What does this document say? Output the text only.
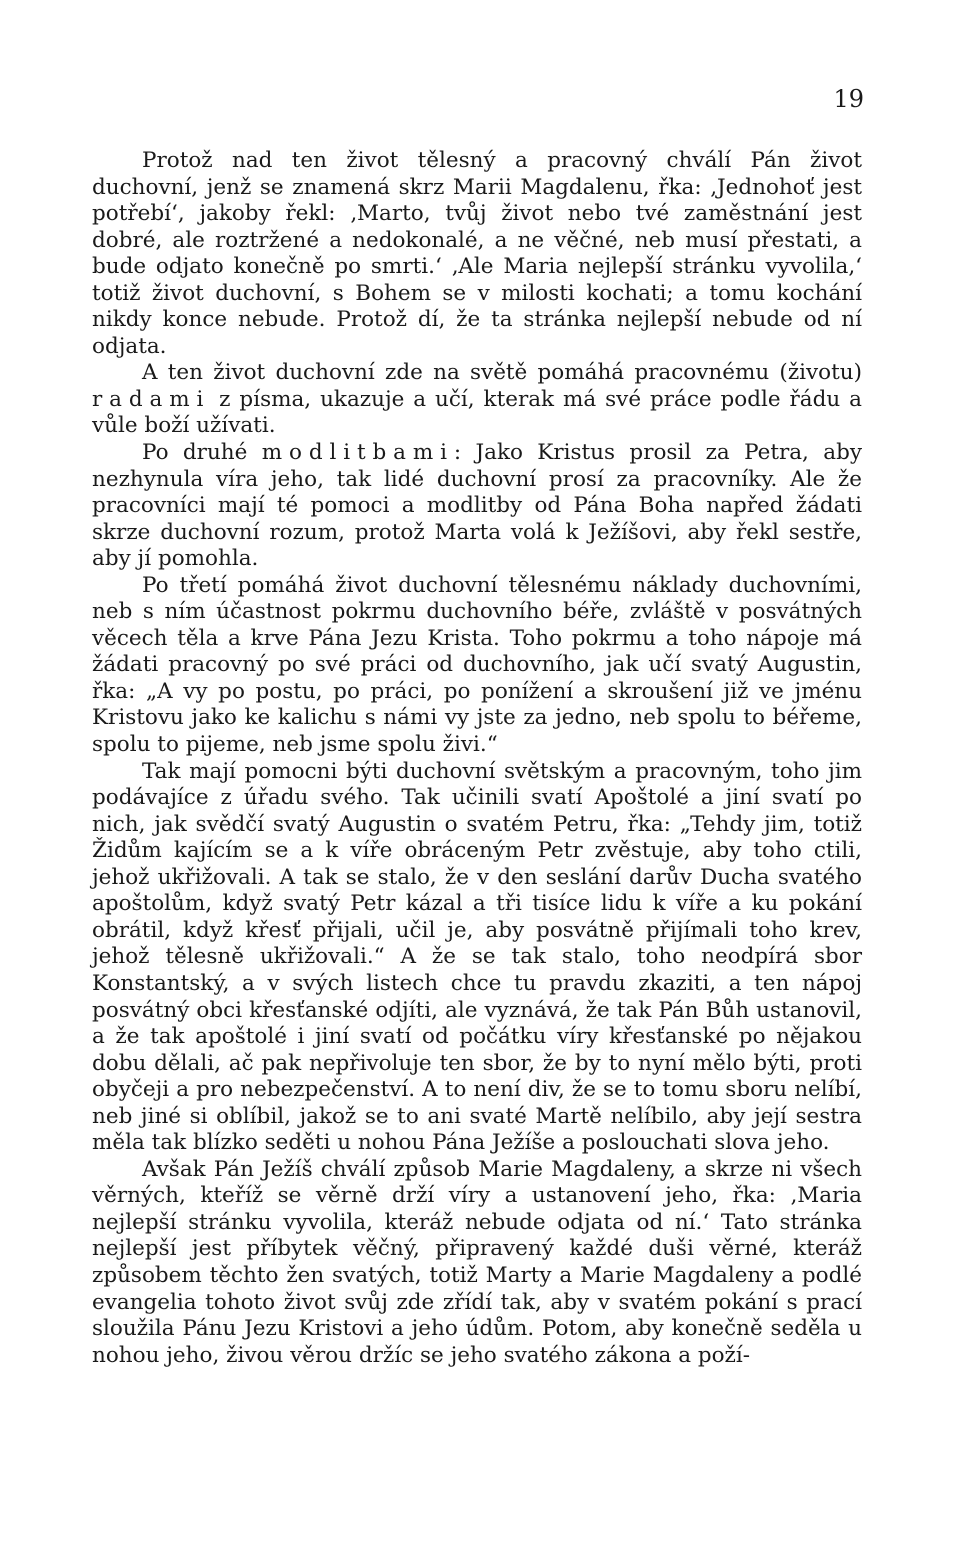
19

Protož nad ten život tělesný a pracovný chválí Pán život duchovní, jenž se znamená skrz Marii Magdalenu, řka: ‚Jednohoť jest potřebí‘, jakoby řekl: ‚Marto, tvůj život nebo tvé zaměstnání jest dobré, ale roztržené a nedokonalé, a ne věčné, neb musí přestati, a bude odjato konečně po smrti.‘ ‚Ale Maria nejlepší stránku vyvolila,‘ totiž život duchovní, s Bohem se v milosti kochati; a tomu kochání nikdy konce nebude. Protož dí, že ta stránka nejlepší nebude od ní odjata.

A ten život duchovní zde na světě pomáhá pracovnému (životu) radami z písma, ukazuje a učí, kterak má své práce podle řádu a vůle boží užívati.

Po druhé modlitbami: Jako Kristus prosil za Petra, aby nezhynula víra jeho, tak lidé duchovní prosí za pracovníky. Ale že pracovníci mají té pomoci a modlitby od Pána Boha napřed žádati skrze duchovní rozum, protož Marta volá k Ježíšovi, aby řekl sestře, aby jí pomohla.

Po třetí pomáhá život duchovní tělesnému náklady duchovními, neb s ním účastnost pokrmu duchovního béře, zvláště v posvátných věcech těla a krve Pána Jezu Krista. Toho pokrmu a toho nápoje má žádati pracovný po své práci od duchovního, jak učí svatý Augustin, řka: „A vy po postu, po práci, po ponížení a skroušení již ve jménu Kristovu jako ke kalichu s námi vy jste za jedno, neb spolu to béřeme, spolu to pijeme, neb jsme spolu živi.“

Tak mají pomocni býti duchovní světským a pracovným, toho jim podávajíce z úřadu svého. Tak učinili svatí Apoštolé a jiní svatí po nich, jak svědčí svatý Augustin o svatém Petru, řka: „Tehdy jim, totiž Židům kajícím se a k víře obráceným Petr zvěstuje, aby toho ctili, jehož ukřižovali. A tak se stalo, že v den seslání darův Ducha svatého apoštolům, když svatý Petr kázal a tři tisíce lidu k víře a ku pokání obrátil, když křesť přijali, učil je, aby posvátně přijímali toho krev, jehož tělesně ukřižovali.“ A že se tak stalo, toho neodpírá sbor Konstantský, a v svých listech chce tu pravdu zkaziti, a ten nápoj posvátný obci křesťanské odjíti, ale vyznává, že tak Pán Bůh ustanovil, a že tak apoštolé i jiní svatí od počátku víry křesťanské po nějakou dobu dělali, ač pak nepřivoluje ten sbor, že by to nyní mělo býti, proti obyčeji a pro nebezpečenství. A to není div, že se to tomu sboru nelíbí, neb jiné si oblíbil, jakož se to ani svaté Martě nelíbilo, aby její sestra měla tak blízko seděti u nohou Pána Ježíše a poslouchati slova jeho.

Avšak Pán Ježíš chválí způsob Marie Magdaleny, a skrze ni všech věrných, kteříž se věrně drží víry a ustanovení jeho, řka: ‚Maria nejlepší stránku vyvolila, kteráž nebude odjata od ní.‘ Tato stránka nejlepší jest příbytek věčný, připravený každé duši věrné, kteráž způsobem těchto žen svatých, totiž Marty a Marie Magdaleny a podlé evangelia tohoto život svůj zde zřídí tak, aby v svatém pokání s prací sloužila Pánu Jezu Kristovi a jeho údům. Potom, aby konečně seděla u nohou jeho, živou věrou držíc se jeho svatého zákona a poží-
